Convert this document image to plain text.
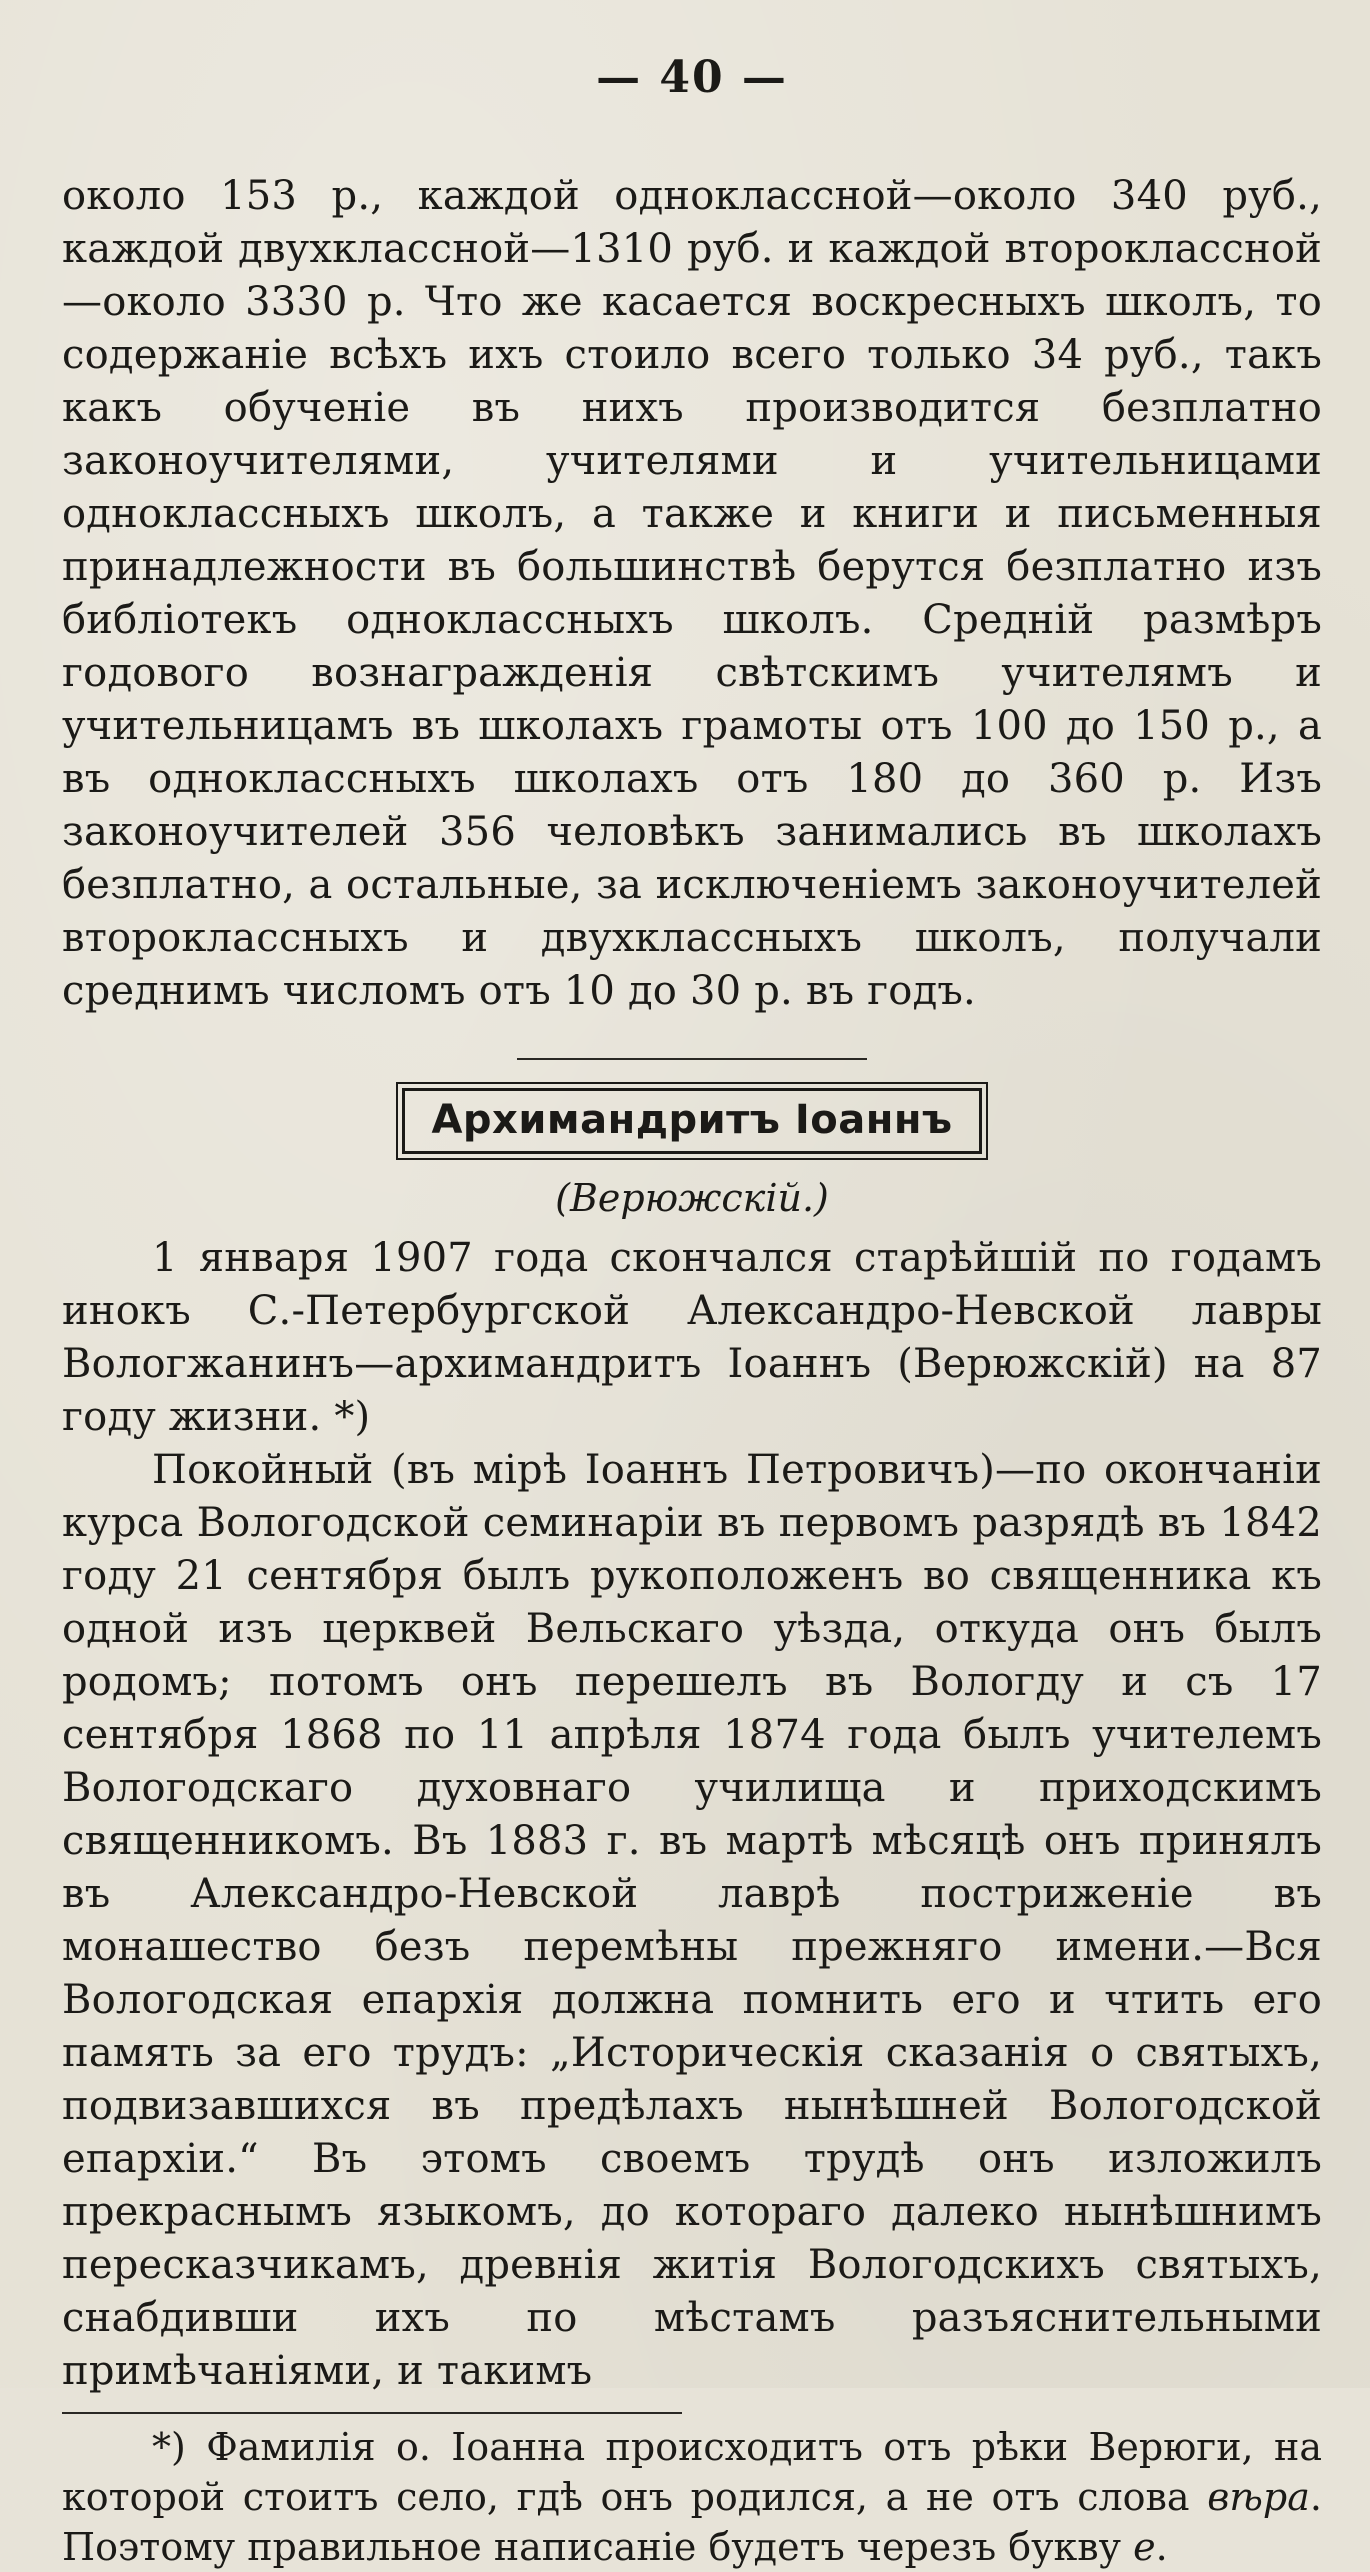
— 40 —

около 153 р., каждой одноклассной—около 340 руб., каждой двухклассной—1310 руб. и каждой второклассной—около 3330 р. Что же касается воскресныхъ школъ, то содержаніе всѣхъ ихъ стоило всего только 34 руб., такъ какъ обученіе въ нихъ производится безплатно законоучителями, учителями и учительницами одноклассныхъ школъ, а также и книги и письменныя принадлежности въ большинствѣ берутся безплатно изъ библіотекъ одноклассныхъ школъ. Средній размѣръ годового вознагражденія свѣтскимъ учителямъ и учительницамъ въ школахъ грамоты отъ 100 до 150 р., а въ одноклассныхъ школахъ отъ 180 до 360 р. Изъ законоучителей 356 человѣкъ занимались въ школахъ безплатно, а остальные, за исключеніемъ законоучителей второклассныхъ и двухклассныхъ школъ, получали среднимъ числомъ отъ 10 до 30 р. въ годъ.

Архимандритъ Іоаннъ
(Верюжскій.)

1 января 1907 года скончался старѣйшій по годамъ инокъ С.-Петербургской Александро-Невской лавры Вологжанинъ—архимандритъ Іоаннъ (Верюжскій) на 87 году жизни. *)

Покойный (въ мірѣ Іоаннъ Петровичъ)—по окончаніи курса Вологодской семинаріи въ первомъ разрядѣ въ 1842 году 21 сентября былъ рукоположенъ во священника къ одной изъ церквей Вельскаго уѣзда, откуда онъ былъ родомъ; потомъ онъ перешелъ въ Вологду и съ 17 сентября 1868 по 11 апрѣля 1874 года былъ учителемъ Вологодскаго духовнаго училища и приходскимъ священникомъ. Въ 1883 г. въ мартѣ мѣсяцѣ онъ принялъ въ Александро-Невской лаврѣ постриженіе въ монашество безъ перемѣны прежняго имени.—Вся Вологодская епархія должна помнить его и чтить его память за его трудъ: „Историческія сказанія о святыхъ, подвизавшихся въ предѣлахъ нынѣшней Вологодской епархіи.“ Въ этомъ своемъ трудѣ онъ изложилъ прекраснымъ языкомъ, до котораго далеко нынѣшнимъ пересказчикамъ, древнія житія Вологодскихъ святыхъ, снабдивши ихъ по мѣстамъ разъяснительными примѣчаніями, и такимъ

*) Фамилія о. Іоанна происходитъ отъ рѣки Верюги, на которой стоитъ село, гдѣ онъ родился, а не отъ слова вѣра. Поэтому правильное написаніе будетъ черезъ букву е.
